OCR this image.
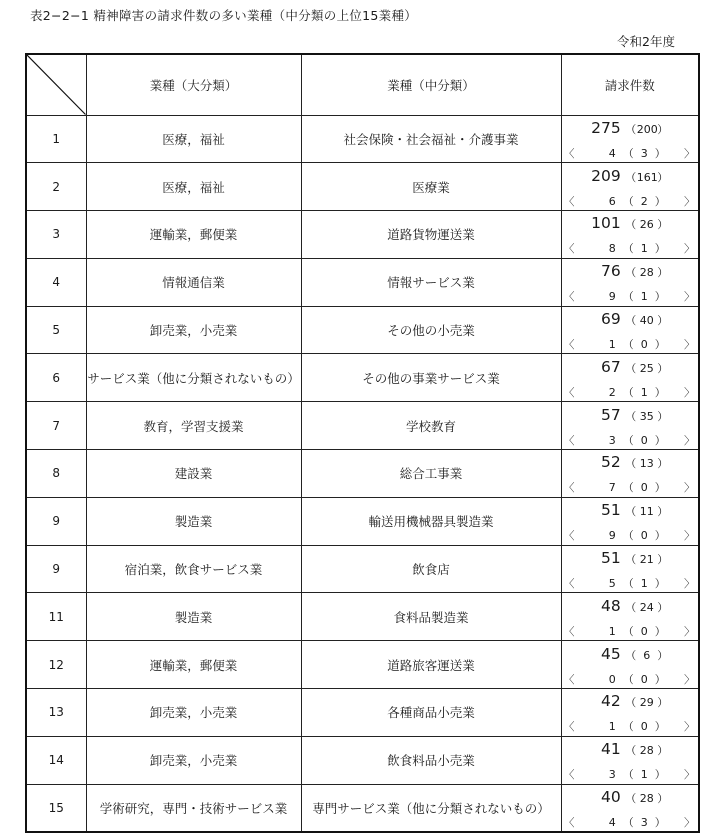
表2−2−1 精神障害の請求件数の多い業種（中分類の上位15業種）
令和2年度
	業種（大分類）	業種（中分類）	請求件数
1	医療，福祉	社会保険・社会福祉・介護事業	275 （200）
〈 4 （ 3 ） 〉

2	医療，福祉	医療業	209 （161）
〈 6 （ 2 ） 〉

3	運輸業，郵便業	道路貨物運送業	101 （ 26 ）
〈 8 （ 1 ） 〉

4	情報通信業	情報サービス業	76 （ 28 ）
〈 9 （ 1 ） 〉

5	卸売業，小売業	その他の小売業	69 （ 40 ）
〈 1 （ 0 ） 〉

6	サービス業（他に分類されないもの）	その他の事業サービス業	67 （ 25 ）
〈 2 （ 1 ） 〉

7	教育，学習支援業	学校教育	57 （ 35 ）
〈 3 （ 0 ） 〉

8	建設業	総合工事業	52 （ 13 ）
〈 7 （ 0 ） 〉

9	製造業	輸送用機械器具製造業	51 （ 11 ）
〈 9 （ 0 ） 〉

9	宿泊業，飲食サービス業	飲食店	51 （ 21 ）
〈 5 （ 1 ） 〉

11	製造業	食料品製造業	48 （ 24 ）
〈 1 （ 0 ） 〉

12	運輸業，郵便業	道路旅客運送業	45 （ 6 ）
〈 0 （ 0 ） 〉

13	卸売業，小売業	各種商品小売業	42 （ 29 ）
〈 1 （ 0 ） 〉

14	卸売業，小売業	飲食料品小売業	41 （ 28 ）
〈 3 （ 1 ） 〉

15	学術研究，専門・技術サービス業	専門サービス業（他に分類されないもの）	40 （ 28 ）
〈 4 （ 3 ） 〉
